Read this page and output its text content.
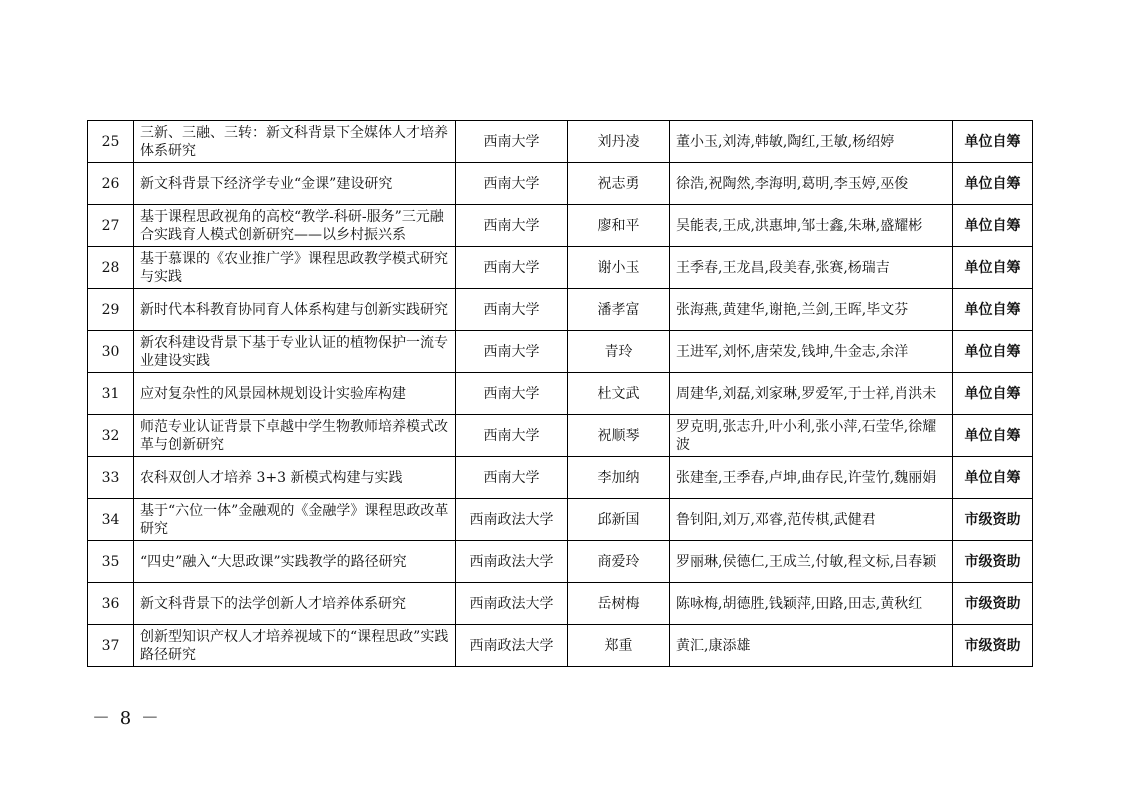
25	三新、三融、三转：新文科背景下全媒体人才培养体系研究	西南大学	刘丹凌	董小玉,刘涛,韩敏,陶红,王敏,杨绍婷	单位自筹
26	新文科背景下经济学专业“金课”建设研究	西南大学	祝志勇	徐浩,祝陶然,李海明,葛明,李玉婷,巫俊	单位自筹
27	基于课程思政视角的高校“教学-科研-服务”三元融合实践育人模式创新研究——以乡村振兴系	西南大学	廖和平	吴能表,王成,洪惠坤,邹士鑫,朱琳,盛耀彬	单位自筹
28	基于慕课的《农业推广学》课程思政教学模式研究与实践	西南大学	谢小玉	王季春,王龙昌,段美春,张赛,杨瑞吉	单位自筹
29	新时代本科教育协同育人体系构建与创新实践研究	西南大学	潘孝富	张海燕,黄建华,谢艳,兰剑,王晖,毕文芬	单位自筹
30	新农科建设背景下基于专业认证的植物保护一流专业建设实践	西南大学	青玲	王进军,刘怀,唐荣发,钱坤,牛金志,余洋	单位自筹
31	应对复杂性的风景园林规划设计实验库构建	西南大学	杜文武	周建华,刘磊,刘家琳,罗爱军,于士祥,肖洪未	单位自筹
32	师范专业认证背景下卓越中学生物教师培养模式改革与创新研究	西南大学	祝顺琴	罗克明,张志升,叶小利,张小萍,石莹华,徐耀波	单位自筹
33	农科双创人才培养 3+3 新模式构建与实践	西南大学	李加纳	张建奎,王季春,卢坤,曲存民,许莹竹,魏丽娟	单位自筹
34	基于“六位一体”金融观的《金融学》课程思政改革研究	西南政法大学	邱新国	鲁钊阳,刘万,邓睿,范传棋,武健君	市级资助
35	“四史”融入“大思政课”实践教学的路径研究	西南政法大学	商爱玲	罗丽琳,侯德仁,王成兰,付敏,程文标,吕春颖	市级资助
36	新文科背景下的法学创新人才培养体系研究	西南政法大学	岳树梅	陈咏梅,胡德胜,钱颖萍,田路,田志,黄秋红	市级资助
37	创新型知识产权人才培养视域下的“课程思政”实践路径研究	西南政法大学	郑重	黄汇,康添雄	市级资助
－ 8 －
